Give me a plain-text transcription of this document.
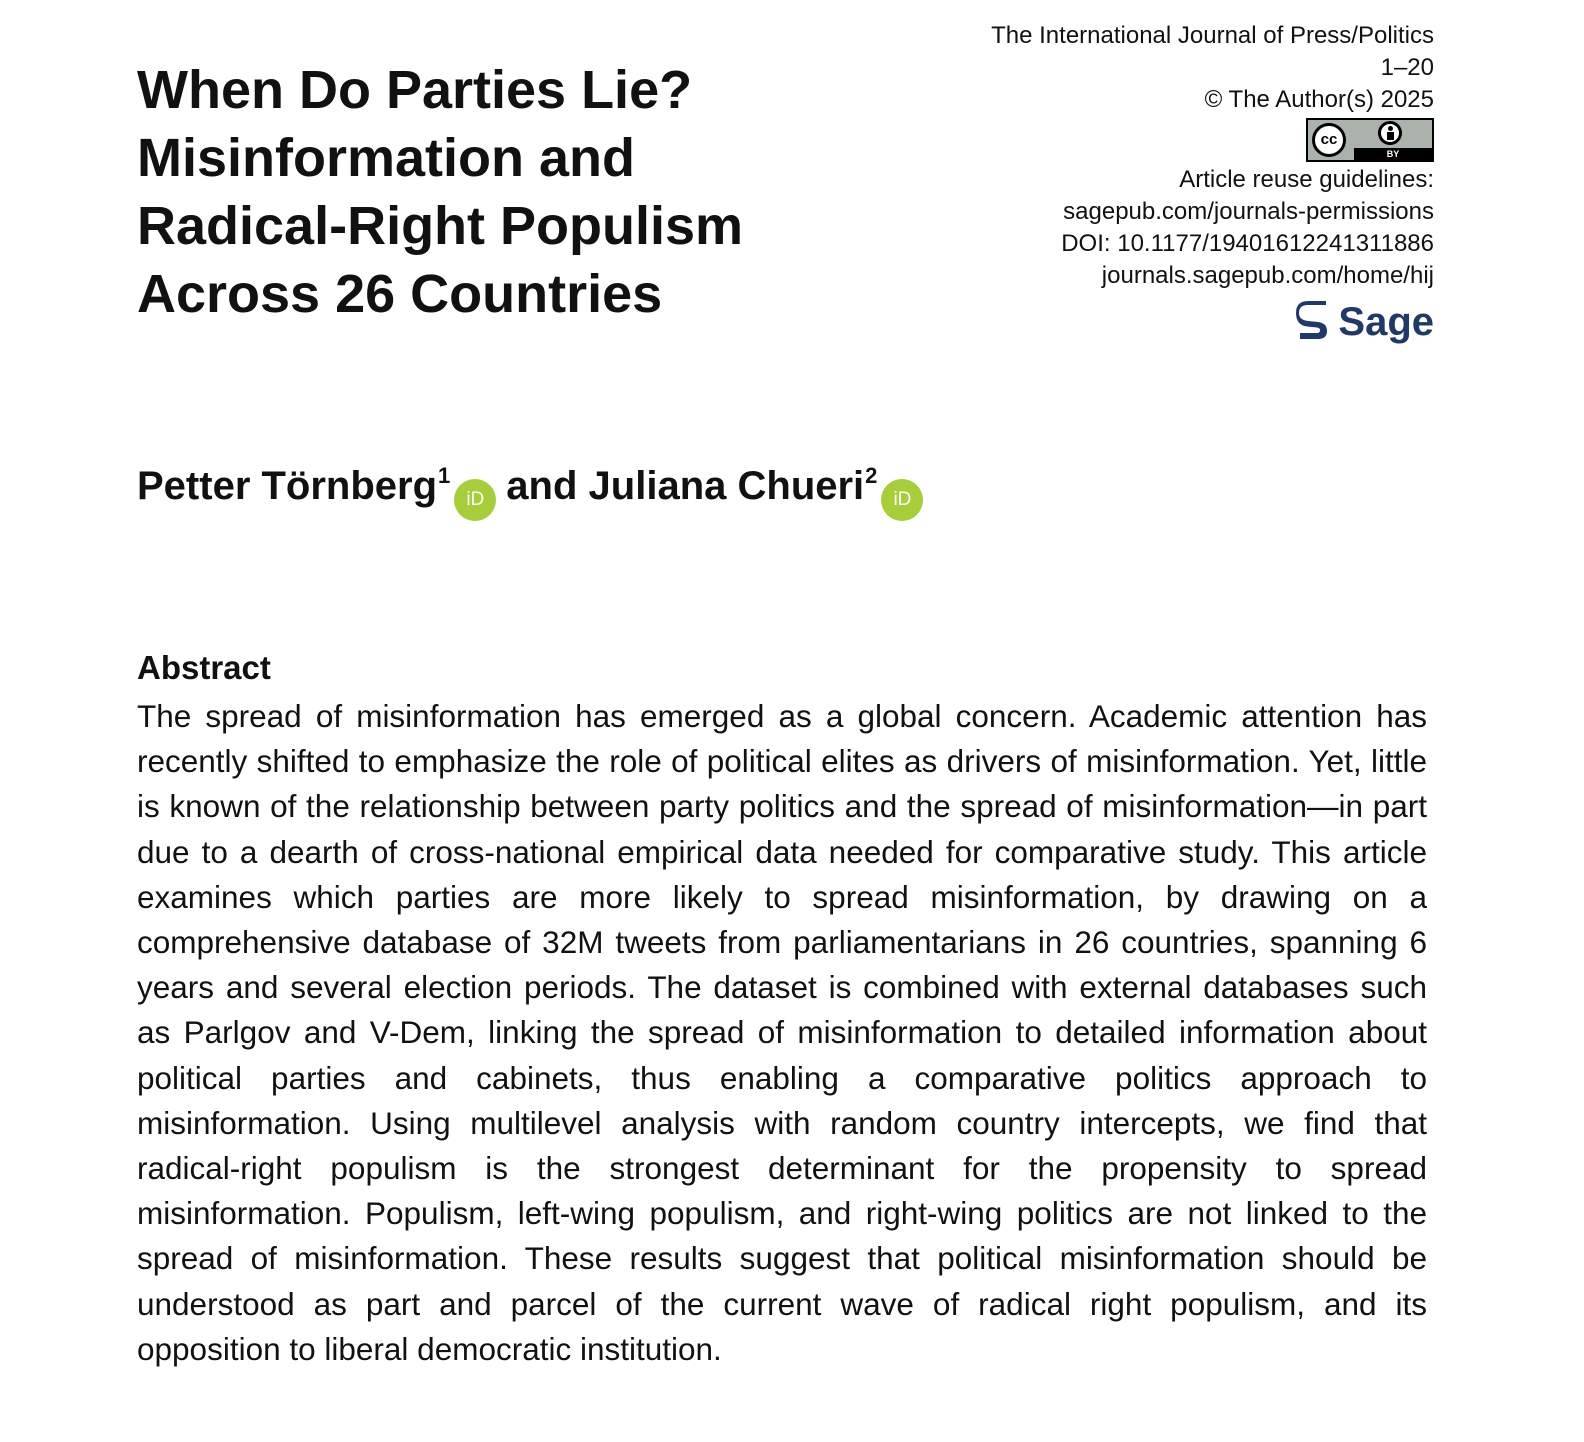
The International Journal of Press/Politics
1–20
© The Author(s) 2025
cc
BY
Article reuse guidelines:
sagepub.com/journals-permissions
DOI: 10.1177/19401612241311886
journals.sagepub.com/home/hij
Sage
When Do Parties Lie?
Misinformation and
Radical-Right Populism
Across 26 Countries
Petter Törnberg$^1$iD and Juliana Chueri$^2$iD
Abstract

The spread of misinformation has emerged as a global concern. Academic attention has recently shifted to emphasize the role of political elites as drivers of misinformation. Yet, little is known of the relationship between party politics and the spread of misinformation—in part due to a dearth of cross-national empirical data needed for comparative study. This article examines which parties are more likely to spread misinformation, by drawing on a comprehensive database of 32M tweets from parliamentarians in 26 countries, spanning 6 years and several election periods. The dataset is combined with external databases such as Parlgov and V-Dem, linking the spread of misinformation to detailed information about political parties and cabinets, thus enabling a comparative politics approach to misinformation. Using multilevel analysis with random country intercepts, we find that radical-right populism is the strongest determinant for the propensity to spread misinformation. Populism, left-wing populism, and right-wing politics are not linked to the spread of misinformation. These results suggest that political misinformation should be understood as part and parcel of the current wave of radical right populism, and its opposition to liberal democratic institution.
